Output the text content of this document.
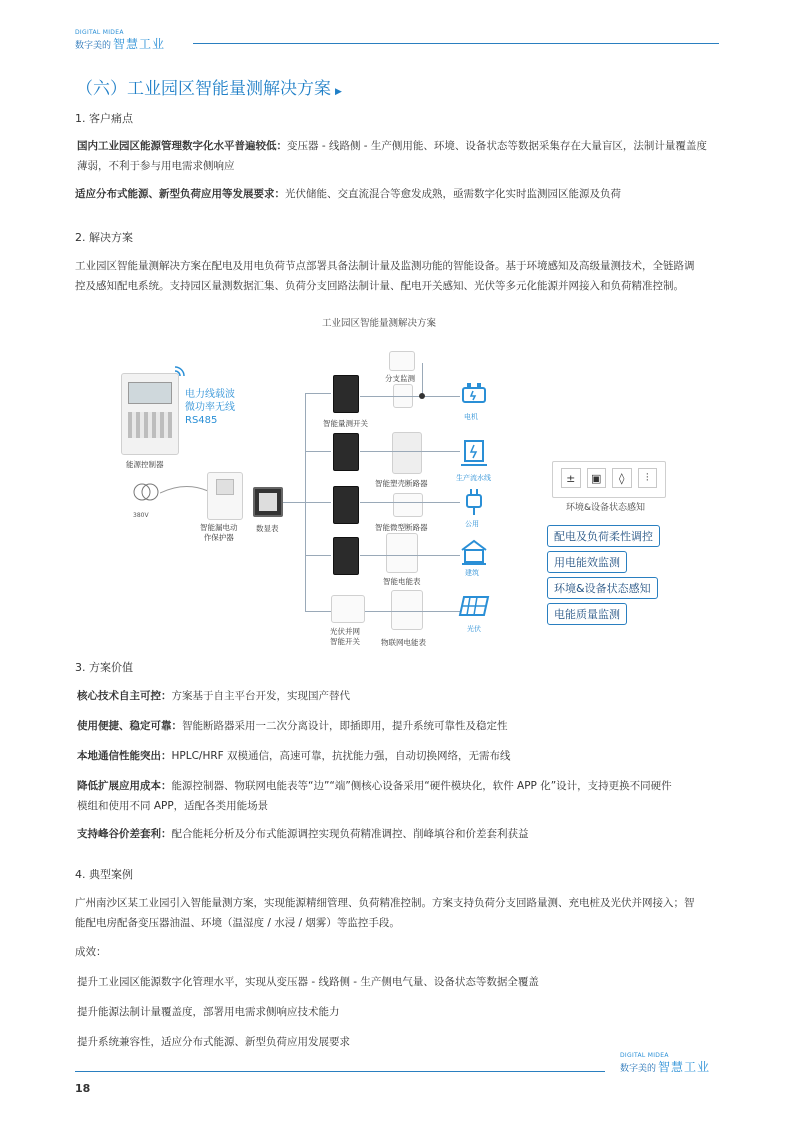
DIGITAL MIDEA
数字美的 智慧工业
（六）工业园区智能量测解决方案 ▶
1. 客户痛点
国内工业园区能源管理数字化水平普遍较低：变压器 - 线路侧 - 生产侧用能、环境、设备状态等数据采集存在大量盲区，法制计量覆盖度
薄弱，不利于参与用电需求侧响应
适应分布式能源、新型负荷应用等发展要求：光伏储能、交直流混合等愈发成熟，亟需数字化实时监测园区能源及负荷
2. 解决方案
工业园区智能量测解决方案在配电及用电负荷节点部署具备法制计量及监测功能的智能设备。基于环境感知及高级量测技术，全链路调
控及感知配电系统。支持园区量测数据汇集、负荷分支回路法制计量、配电开关感知、光伏等多元化能源并网接入和负荷精准控制。
工业园区智能量测解决方案
电力线载波
微功率无线
RS485
能源控制器
380V
智能漏电动
作保护器
数显表
智能量测开关
分支监测
智能塑壳断路器
智能微型断路器
智能电能表
光伏并网
智能开关	物联网电能表
电机
生产流水线
公用
建筑
光伏
±	▣	◊	⫶
环境&设备状态感知
配电及负荷柔性调控
用电能效监测
环境&设备状态感知
电能质量监测
3. 方案价值
核心技术自主可控：方案基于自主平台开发，实现国产替代
使用便捷、稳定可靠：智能断路器采用一二次分离设计，即插即用，提升系统可靠性及稳定性
本地通信性能突出：HPLC/HRF 双模通信，高速可靠，抗扰能力强，自动切换网络，无需布线
降低扩展应用成本：能源控制器、物联网电能表等“边”“端”侧核心设备采用“硬件模块化，软件 APP 化”设计，支持更换不同硬件
模组和使用不同 APP，适配各类用能场景
支持峰谷价差套利：配合能耗分析及分布式能源调控实现负荷精准调控、削峰填谷和价差套利获益
4. 典型案例
广州南沙区某工业园引入智能量测方案，实现能源精细管理、负荷精准控制。方案支持负荷分支回路量测、充电桩及光伏并网接入；智
能配电房配备变压器油温、环境（温湿度 / 水浸 / 烟雾）等监控手段。
成效：
提升工业园区能源数字化管理水平，实现从变压器 - 线路侧 - 生产侧电气量、设备状态等数据全覆盖
提升能源法制计量覆盖度，部署用电需求侧响应技术能力
提升系统兼容性，适应分布式能源、新型负荷应用发展要求
DIGITAL MIDEA
数字美的 智慧工业
18
